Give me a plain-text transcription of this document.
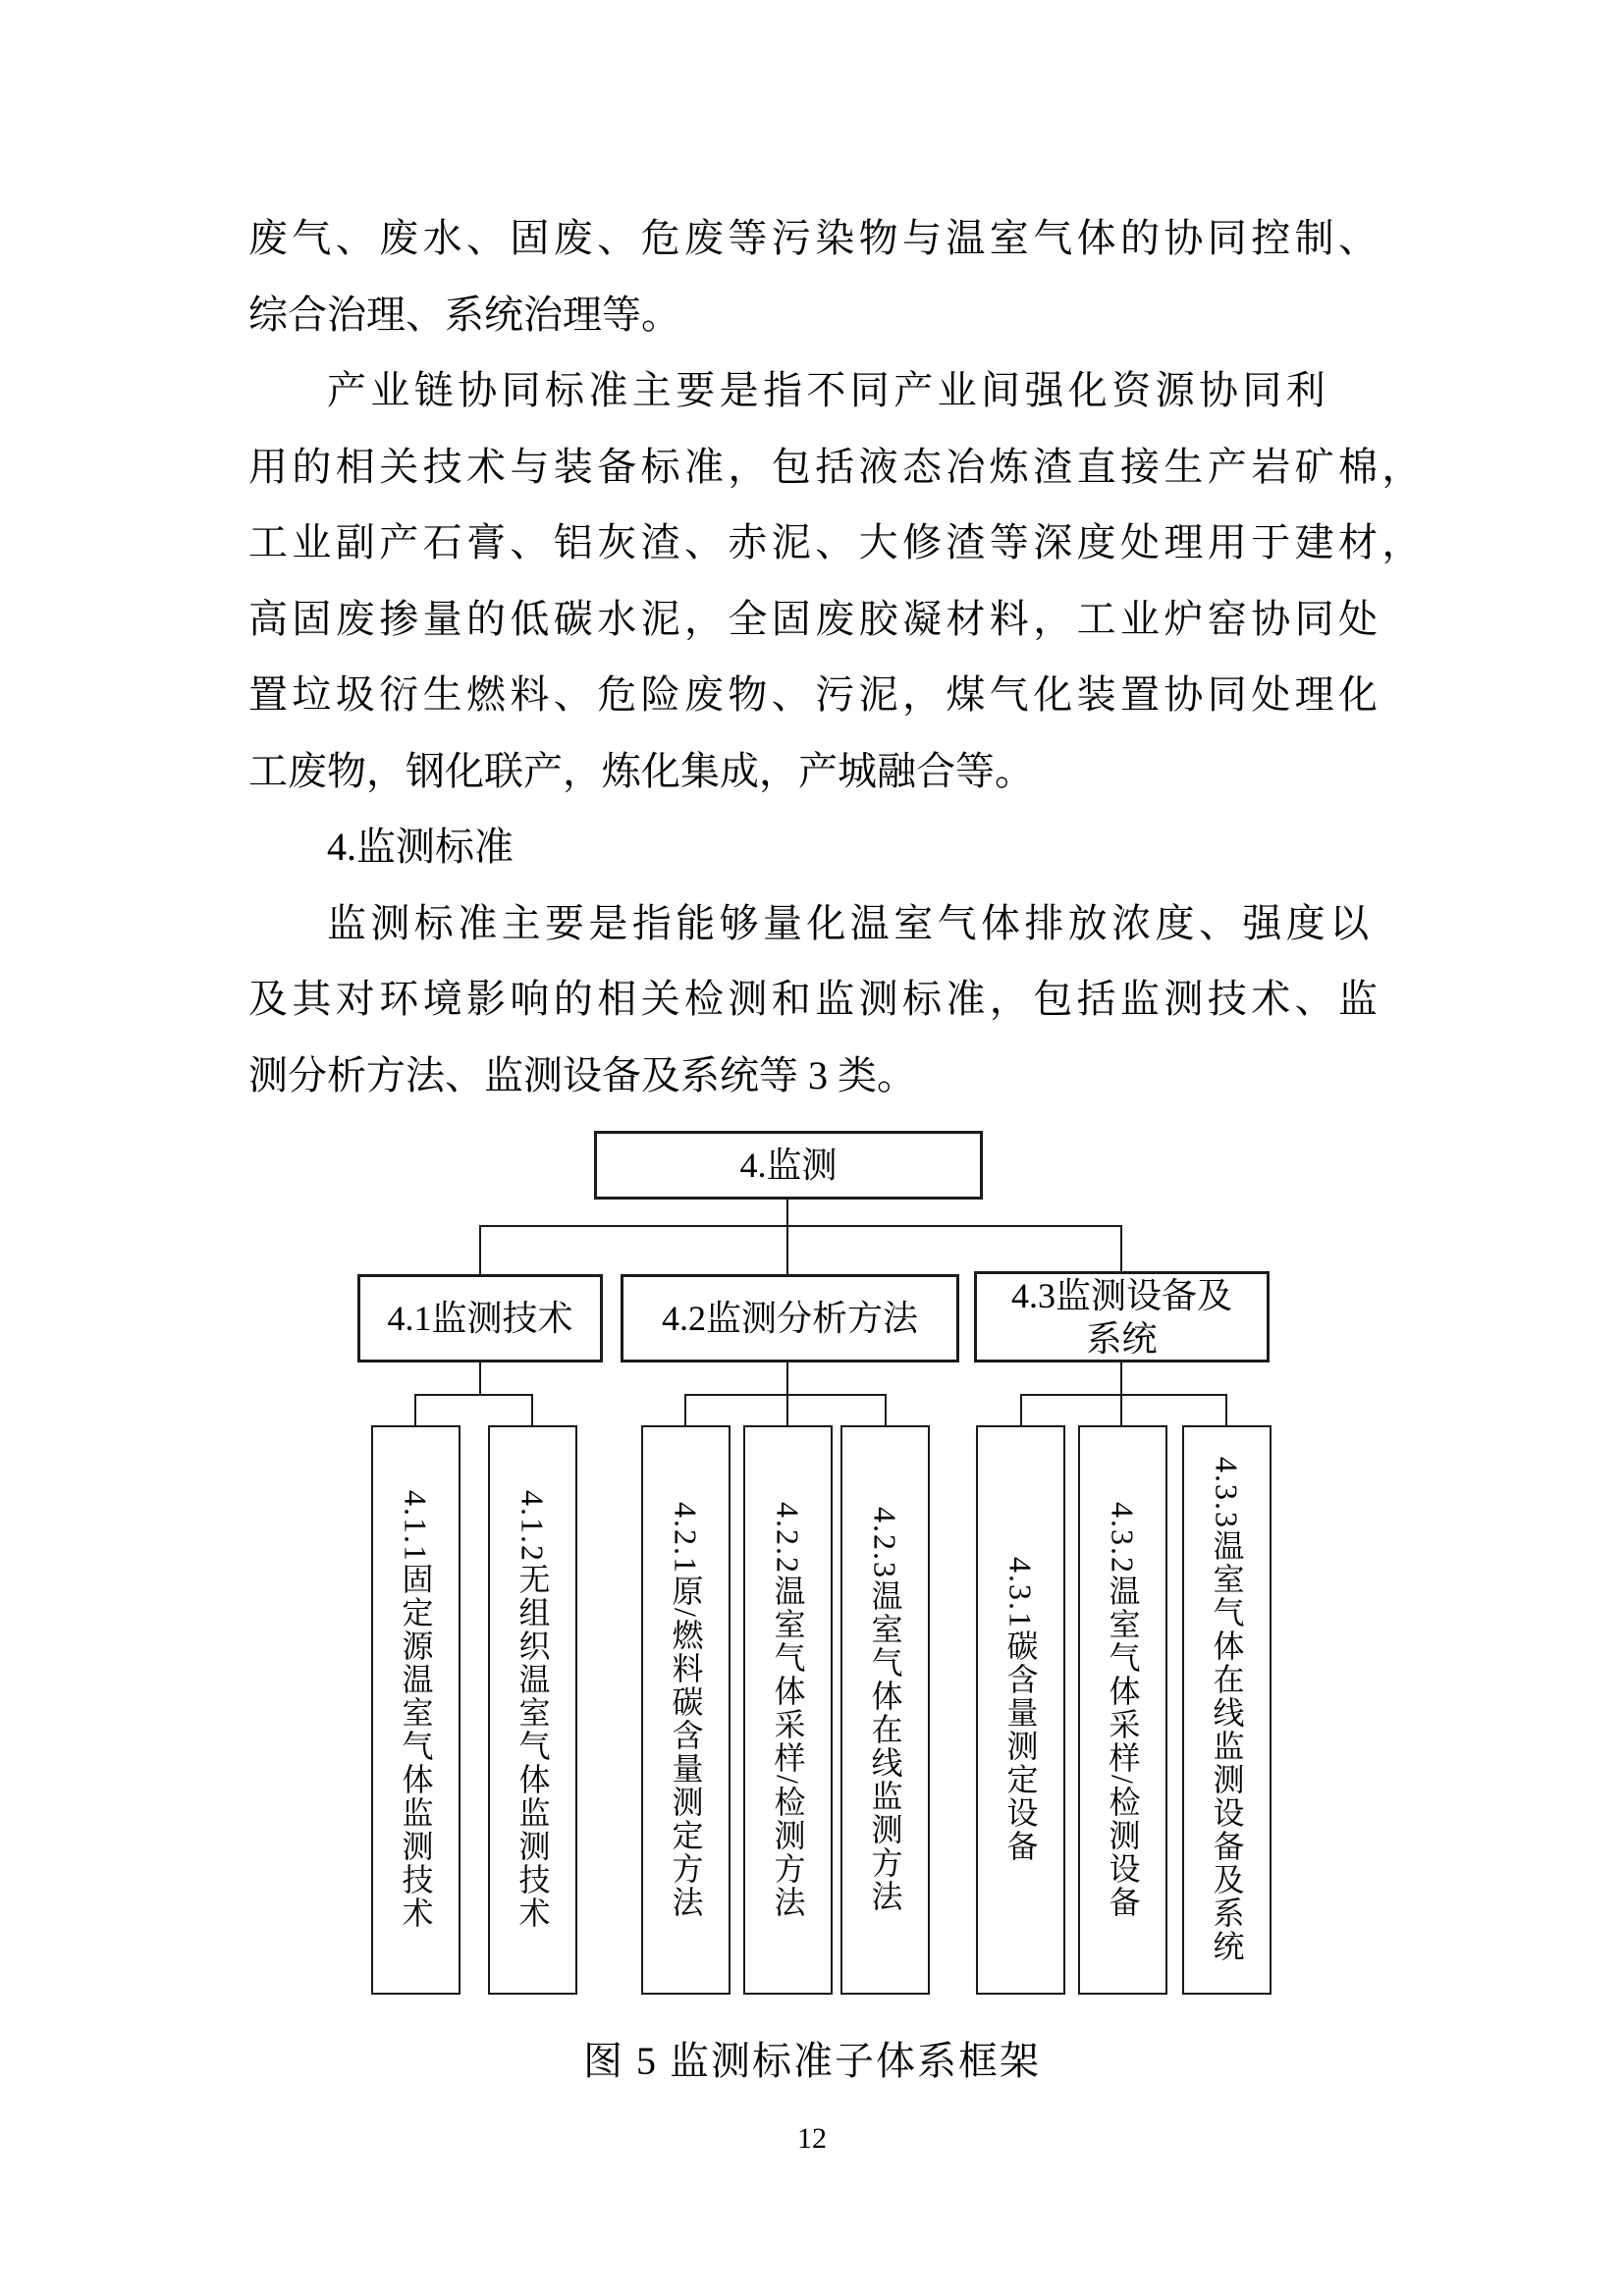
废气、废水、固废、危废等污染物与温室气体的协同控制、
综合治理、系统治理等。
产业链协同标准主要是指不同产业间强化资源协同利
用的相关技术与装备标准，包括液态冶炼渣直接生产岩矿棉，
工业副产石膏、铝灰渣、赤泥、大修渣等深度处理用于建材，
高固废掺量的低碳水泥，全固废胶凝材料，工业炉窑协同处
置垃圾衍生燃料、危险废物、污泥，煤气化装置协同处理化
工废物，钢化联产，炼化集成，产城融合等。
4.监测标准
监测标准主要是指能够量化温室气体排放浓度、强度以
及其对环境影响的相关检测和监测标准，包括监测技术、监
测分析方法、监测设备及系统等 3 类。
4.监测
4.1监测技术	4.2监测分析方法
4.3监测设备及系统
4.1.1固定源温室气体监测技术	4.1.2无组织温室气体监测技术	4.2.1原/燃料碳含量测定方法 4.2.2温室气体采样/检测方法 4.2.3温室气体在线监测方法	4.3.1碳含量测定设备 4.3.2温室气体采样/检测设备 4.3.3温室气体在线监测设备及系统
图 5 监测标准子体系框架
12
